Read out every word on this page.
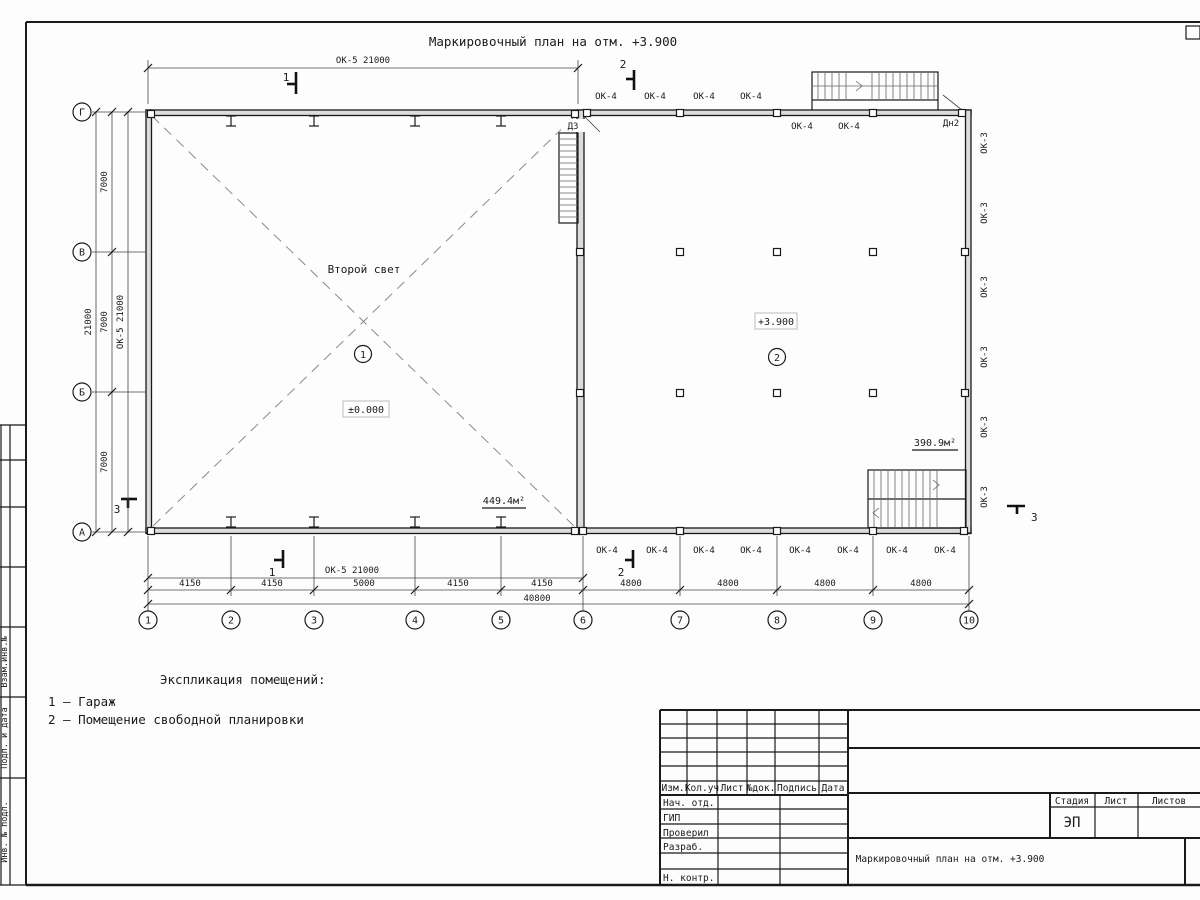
Взам.инв.№
Подп. и дата
Инв. № подл.
Маркировочный план на отм. +3.900
Д3
ОК-4	ОК-4	ОК-4	ОК-4
ОК-4	ОК-4	Дн2
ОК-3
ОК-3
ОК-3
ОК-3
ОК-3
ОК-3
ОК-4	ОК-4	ОК-4	ОК-4	ОК-4	ОК-4	ОК-4	ОК-4
Второй свет
1
±0.000
449.4м²
+3.900
2
390.9м²
1
2
1	2
3
3
ОК-5 21000
21000
7000
7000
7000
ОК-5 21000
Г
В
Б
А
ОК-5 21000
4150	4150	5000	4150	4150	4800	4800	4800	4800
40800
1	2	3	4	5	6	7	8	9	10
Экспликация помещений:
1 – Гараж
2 – Помещение свободной планировки
Изм. Кол.уч Лист №док. Подпись Дата
Нач. отд.
ГИП
Проверил
Разраб.
Н. контр.
Стадия Лист	Листов
ЭП
Маркировочный план на отм. +3.900
